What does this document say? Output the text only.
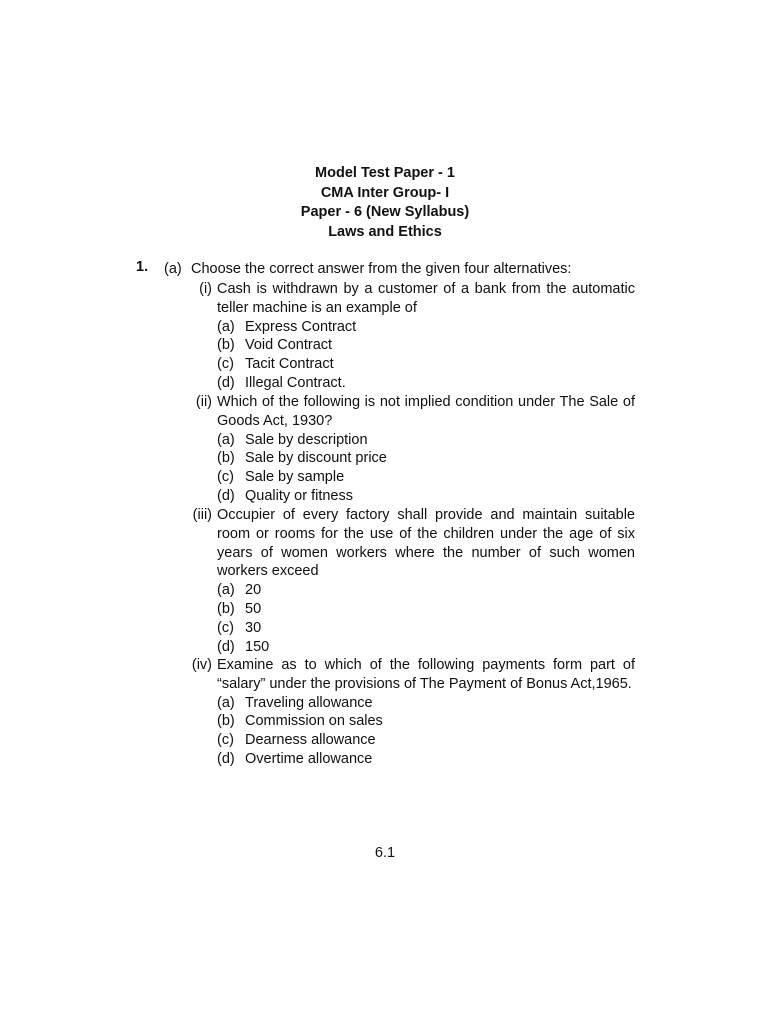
Model Test Paper - 1
CMA Inter Group- I
Paper - 6 (New Syllabus)
Laws and Ethics
1. (a) Choose the correct answer from the given four alternatives:
(i) Cash is withdrawn by a customer of a bank from the automatic teller machine is an example of
(a) Express Contract
(b) Void Contract
(c) Tacit Contract
(d) Illegal Contract.
(ii) Which of the following is not implied condition under The Sale of Goods Act, 1930?
(a) Sale by description
(b) Sale by discount price
(c) Sale by sample
(d) Quality or fitness
(iii) Occupier of every factory shall provide and maintain suitable room or rooms for the use of the children under the age of six years of women workers where the number of such women workers exceed
(a) 20
(b) 50
(c) 30
(d) 150
(iv) Examine as to which of the following payments form part of “salary” under the provisions of The Payment of Bonus Act,1965.
(a) Traveling allowance
(b) Commission on sales
(c) Dearness allowance
(d) Overtime allowance
6.1
